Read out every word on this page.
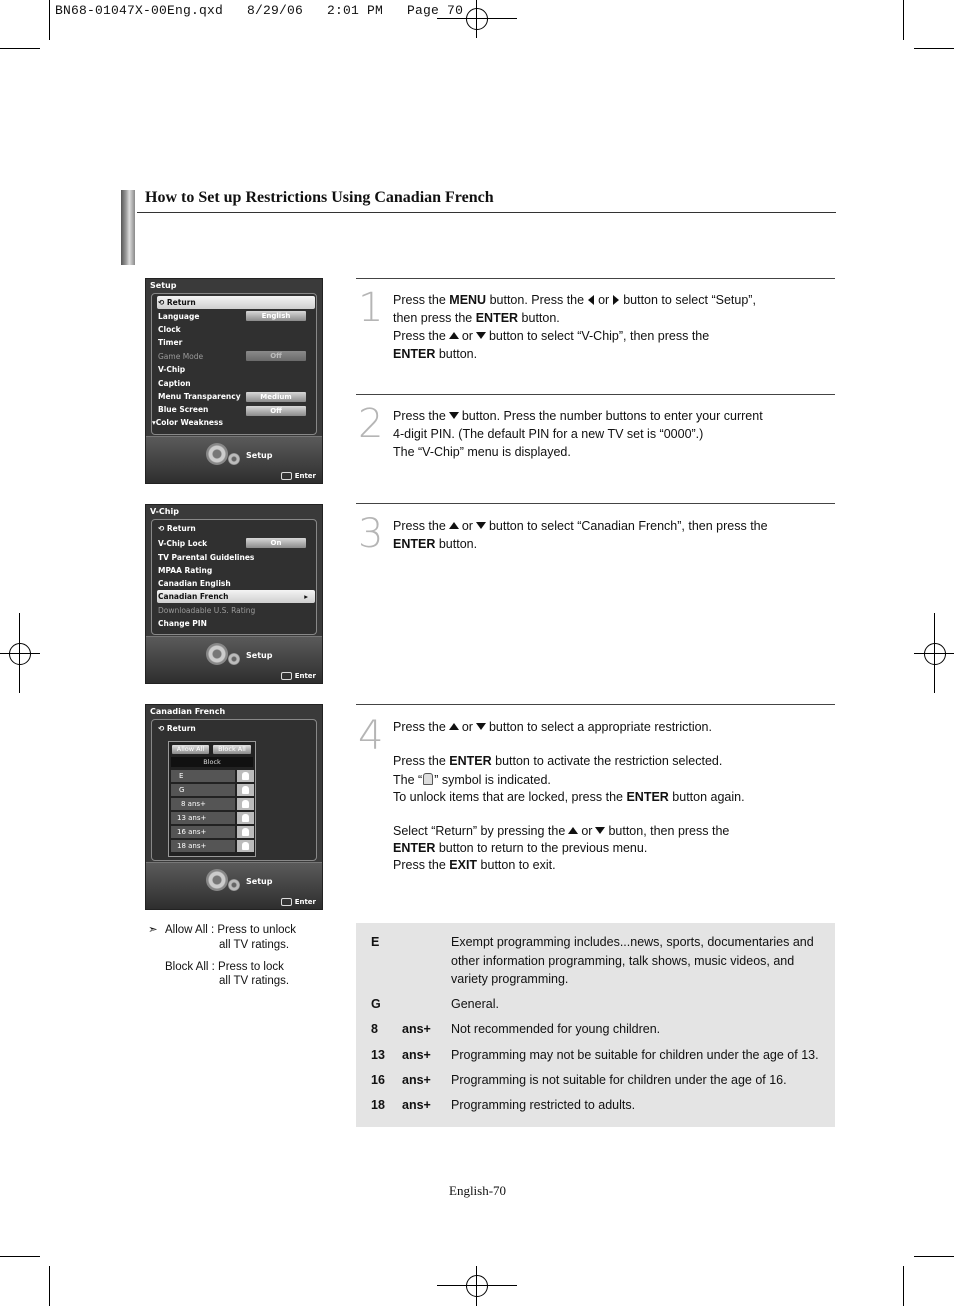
BN68-01047X-00Eng.qxd   8/29/06   2:01 PM   Page 70
How to Set up Restrictions Using Canadian French
Setup
⟲ Return
Language	English
Clock
Timer
Game Mode	Off
V-Chip
Caption
Menu Transparency	Medium
Blue Screen	Off
▾Color Weakness
Setup
Enter
V-Chip
⟲ Return
V-Chip Lock	On
TV Parental Guidelines
MPAA Rating
Canadian English
Canadian French	▸
Downloadable U.S. Rating
Change PIN
Setup
Enter
Canadian French
⟲ Return
Allow All	Block All
Block
E
G
8 ans+
13 ans+
16 ans+
18 ans+
Setup
Enter
1 Press the MENU button. Press the or button to select “Setup”,
then press the ENTER button.
Press the or button to select “V-Chip”, then press the
ENTER button.
2 Press the button. Press the number buttons to enter your current
4-digit PIN. (The default PIN for a new TV set is “0000”.)
The “V-Chip” menu is displayed.
3 Press the or button to select “Canadian French”, then press the
ENTER button.
4 Press the or button to select a appropriate restriction.
Press the ENTER button to activate the restriction selected.
The “ ” symbol is indicated.
To unlock items that are locked, press the ENTER button again.
Select “Return” by pressing the or button, then press the
ENTER button to return to the previous menu.
Press the EXIT button to exit.
➣ Allow All : Press to unlock
all TV ratings.
Block All : Press to lock
all TV ratings.
E	Exempt programming includes...news, sports, documentaries and
other information programming, talk shows, music videos, and
variety programming.
G	General.
8 ans+ Not recommended for young children.
13 ans+ Programming may not be suitable for children under the age of 13.
16 ans+ Programming is not suitable for children under the age of 16.
18 ans+ Programming restricted to adults.
English-70
